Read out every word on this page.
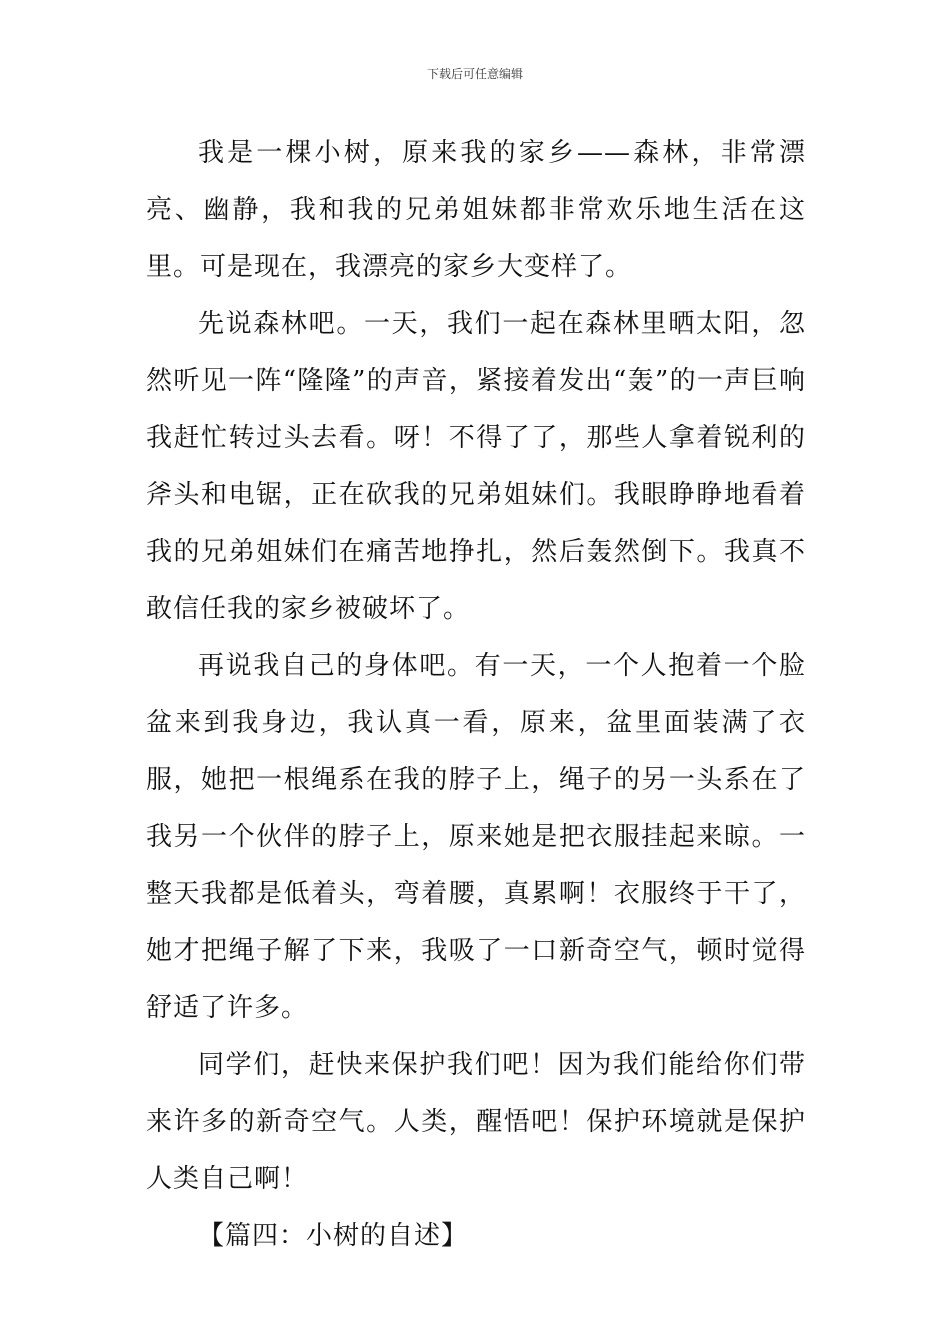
下载后可任意编辑

我是一棵小树，原来我的家乡——森林，非常漂亮、幽静，我和我的兄弟姐妹都非常欢乐地生活在这里。可是现在，我漂亮的家乡大变样了。

先说森林吧。一天，我们一起在森林里晒太阳，忽然听见一阵“隆隆”的声音，紧接着发出“轰”的一声巨响我赶忙转过头去看。呀！不得了了，那些人拿着锐利的斧头和电锯，正在砍我的兄弟姐妹们。我眼睁睁地看着我的兄弟姐妹们在痛苦地挣扎，然后轰然倒下。我真不敢信任我的家乡被破坏了。

再说我自己的身体吧。有一天，一个人抱着一个脸盆来到我身边，我认真一看，原来，盆里面装满了衣服，她把一根绳系在我的脖子上，绳子的另一头系在了我另一个伙伴的脖子上，原来她是把衣服挂起来晾。一整天我都是低着头，弯着腰，真累啊！衣服终于干了，她才把绳子解了下来，我吸了一口新奇空气，顿时觉得舒适了许多。

同学们，赶快来保护我们吧！因为我们能给你们带来许多的新奇空气。人类，醒悟吧！保护环境就是保护人类自己啊！

【篇四：小树的自述】
